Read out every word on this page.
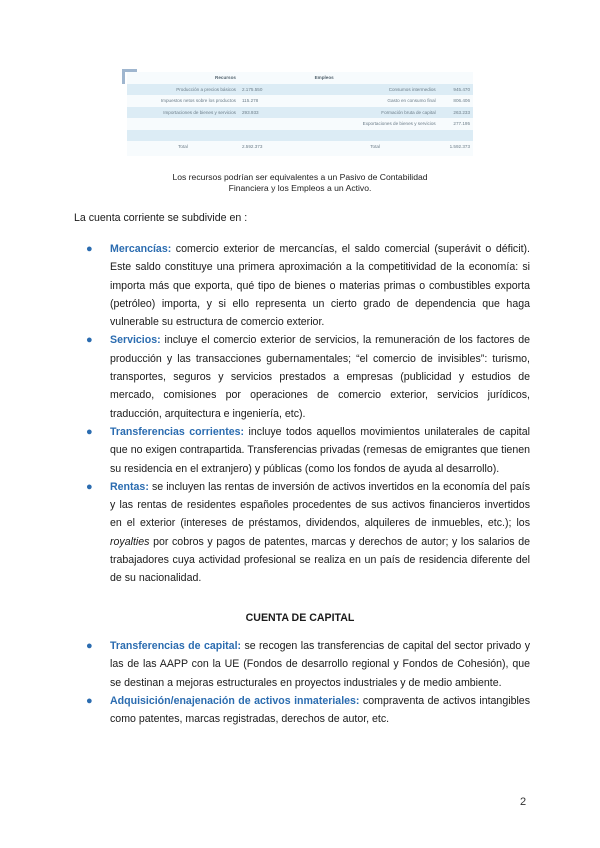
Recursos			Empleos	
Producción a precios básicos	2.175.550		Consumos intermedios	945.470
Impuestos netos sobre los productos	115.278		Gasto en consumo final	806.406
Importaciones de bienes y servicios	293.933		Formación bruta de capital	263.233
			Exportaciones de bienes y servicios	277.195

Total	2.592.373		Total	1.592.373
Los recursos podrían ser equivalentes a un Pasivo de Contabilidad
Financiera y los Empleos a un Activo.
La cuenta corriente se subdivide en :
● Mercancías: comercio exterior de mercancías, el saldo comercial (superávit o déficit). Este saldo constituye una primera aproximación a la competitividad de la economía: si importa más que exporta, qué tipo de bienes o materias primas o combustibles exporta (petróleo) importa, y si ello representa un cierto grado de dependencia que haga vulnerable su estructura de comercio exterior.
● Servicios: incluye el comercio exterior de servicios, la remuneración de los factores de producción y las transacciones gubernamentales; “el comercio de invisibles”: turismo, transportes, seguros y servicios prestados a empresas (publicidad y estudios de mercado, comisiones por operaciones de comercio exterior, servicios jurídicos, traducción, arquitectura e ingeniería, etc).
● Transferencias corrientes: incluye todos aquellos movimientos unilaterales de capital que no exigen contrapartida. Transferencias privadas (remesas de emigrantes que tienen su residencia en el extranjero) y públicas (como los fondos de ayuda al desarrollo).
● Rentas: se incluyen las rentas de inversión de activos invertidos en la economía del país y las rentas de residentes españoles procedentes de sus activos financieros invertidos en el exterior (intereses de préstamos, dividendos, alquileres de inmuebles, etc.); los royalties por cobros y pagos de patentes, marcas y derechos de autor; y los salarios de trabajadores cuya actividad profesional se realiza en un país de residencia diferente del de su nacionalidad.
CUENTA DE CAPITAL
● Transferencias de capital: se recogen las transferencias de capital del sector privado y las de las AAPP con la UE (Fondos de desarrollo regional y Fondos de Cohesión), que se destinan a mejoras estructurales en proyectos industriales y de medio ambiente.
● Adquisición/enajenación de activos inmateriales: compraventa de activos intangibles como patentes, marcas registradas, derechos de autor, etc.
2
